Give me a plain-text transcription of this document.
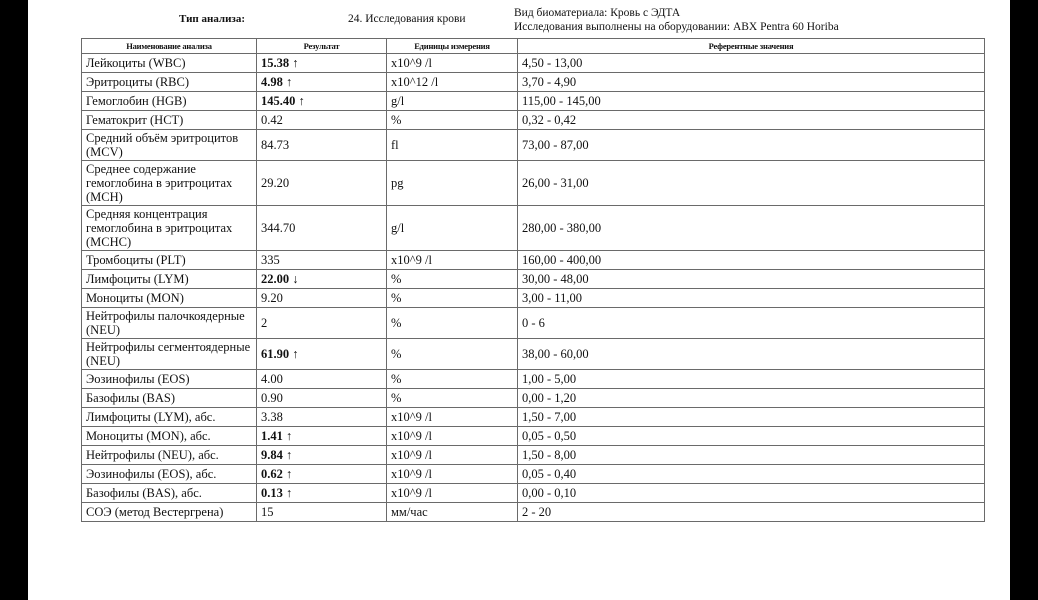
Тип анализа:	24. Исследования крови	Вид биоматериала: Кровь с ЭДТА
Исследования выполнены на оборудовании: ABX Pentra 60 Horiba
Наименование анализа	Результат	Единицы измерения	Референтные значения
Лейкоциты (WBC)	15.38 ↑	x10^9 /l	4,50 - 13,00
Эритроциты (RBC)	4.98 ↑	x10^12 /l	3,70 - 4,90
Гемоглобин (HGB)	145.40 ↑	g/l	115,00 - 145,00
Гематокрит (HCT)	0.42	%	0,32 - 0,42
Средний объём эритроцитов (MCV)	84.73	fl	73,00 - 87,00
Среднее содержание гемоглобина в эритроцитах (MCH)	29.20	pg	26,00 - 31,00
Средняя концентрация гемоглобина в эритроцитах (MCHC)	344.70	g/l	280,00 - 380,00
Тромбоциты (PLT)	335	x10^9 /l	160,00 - 400,00
Лимфоциты (LYM)	22.00 ↓	%	30,00 - 48,00
Моноциты (MON)	9.20	%	3,00 - 11,00
Нейтрофилы палочкоядерные (NEU)	2	%	0 - 6
Нейтрофилы сегментоядерные (NEU)	61.90 ↑	%	38,00 - 60,00
Эозинофилы (EOS)	4.00	%	1,00 - 5,00
Базофилы (BAS)	0.90	%	0,00 - 1,20
Лимфоциты (LYM), абс.	3.38	x10^9 /l	1,50 - 7,00
Моноциты (MON), абс.	1.41 ↑	x10^9 /l	0,05 - 0,50
Нейтрофилы (NEU), абс.	9.84 ↑	x10^9 /l	1,50 - 8,00
Эозинофилы (EOS), абс.	0.62 ↑	x10^9 /l	0,05 - 0,40
Базофилы (BAS), абс.	0.13 ↑	x10^9 /l	0,00 - 0,10
СОЭ (метод Вестергрена)	15	мм/час	2 - 20
